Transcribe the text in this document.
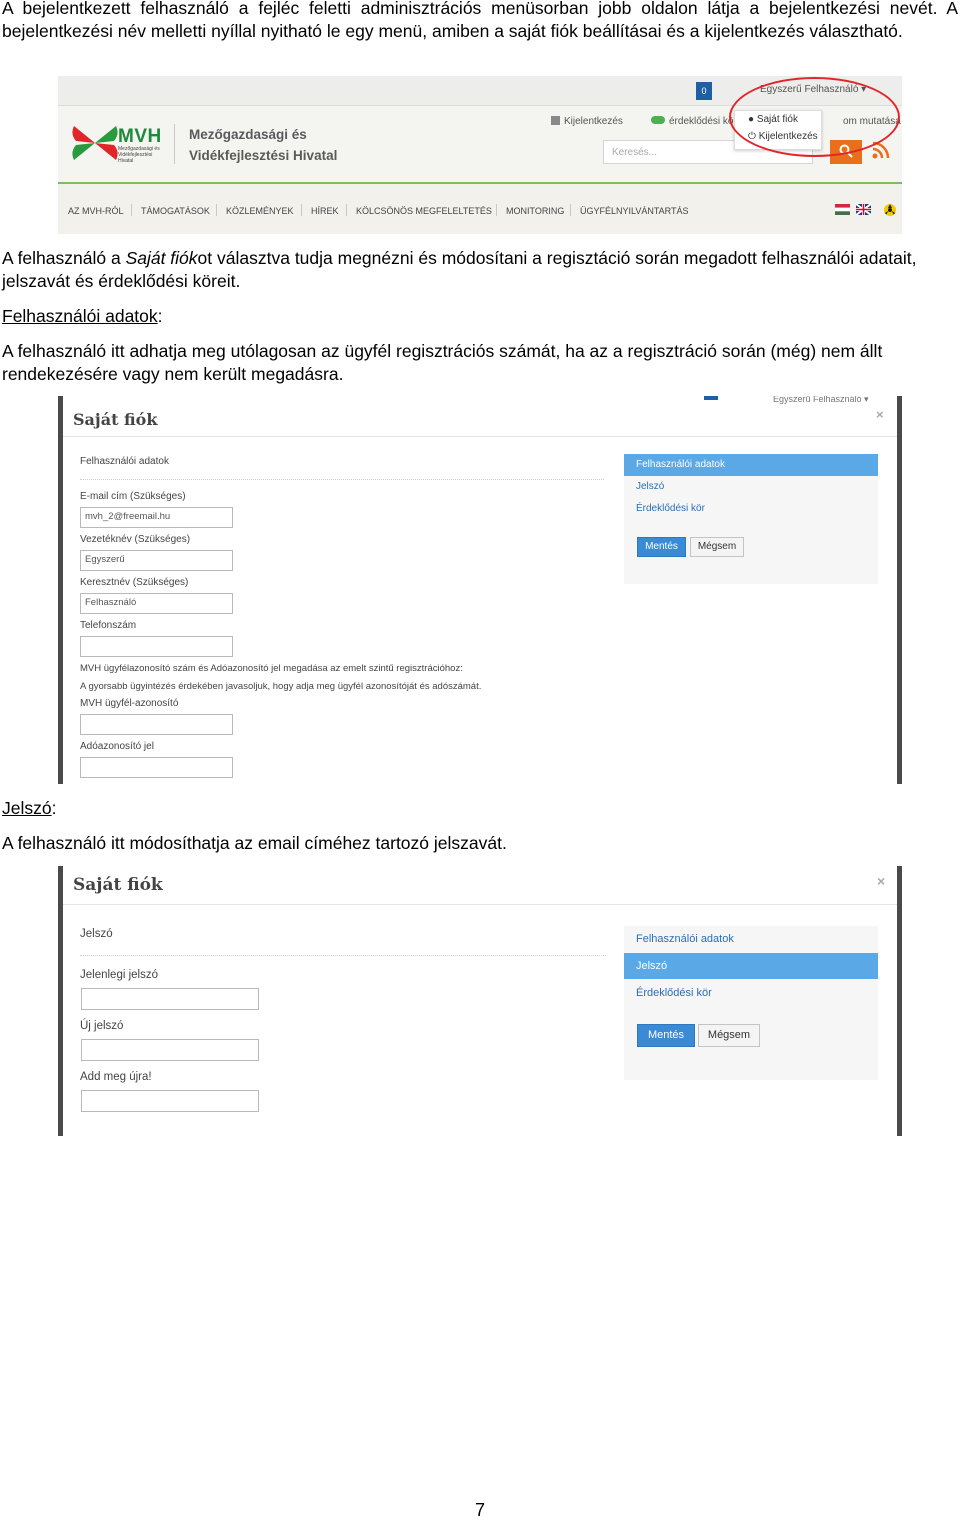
A bejelentkezett felhasználó a fejléc feletti adminisztrációs menüsorban jobb oldalon látja a bejelentkezési nevét. A bejelentkezési név melletti nyíllal nyitható le egy menü, amiben a saját fiók beállításai és a kijelentkezés választható.

0	Egyszerű Felhasználó ▾
MVH
Mezőgazdasági és Vidékfejlesztési Hivatal
Mezőgazdasági és
Vidékfejlesztési Hivatal
Kijelentkezés	érdeklődési kö	om mutatása
Keresés...
AZ MVH-RÓL TÁMOGATÁSOK KÖZLEMÉNYEK HÍREK KÖLCSÖNÖS MEGFELELTETÉS MONITORING ÜGYFÉLNYILVÁNTARTÁS
● Saját fiók
⏻ Kijelentkezés

A felhasználó a Saját fiókot választva tudja megnézni és módosítani a regisztáció során megadott felhasználói adatait, jelszavát és érdeklődési köreit.

Felhasználói adatok:

A felhasználó itt adhatja meg utólagosan az ügyfél regisztrációs számát, ha az a regisztráció során (még) nem állt rendekezésére vagy nem került megadásra.

Egyszerű Felhasználó ▾
Saját fiók	×
Felhasználói adatok
E-mail cím (Szükséges)
mvh_2@freemail.hu
Vezetéknév (Szükséges)
Egyszerű
Keresztnév (Szükséges)
Felhasználó
Telefonszám
MVH ügyfélazonosító szám és Adóazonosító jel megadása az emelt szintű regisztrációhoz:
A gyorsabb ügyintézés érdekében javasoljuk, hogy adja meg ügyfél azonosítóját és adószámát.
MVH ügyfél-azonosító
Adóazonosító jel
Felhasználói adatok
Jelszó
Érdeklődési kör
Mentés	Mégsem

Jelszó:

A felhasználó itt módosíthatja az email címéhez tartozó jelszavát.

Saját fiók	×
Jelszó
Jelenlegi jelszó
Új jelszó
Add meg újra!
Felhasználói adatok
Jelszó
Érdeklődési kör
Mentés	Mégsem
7
